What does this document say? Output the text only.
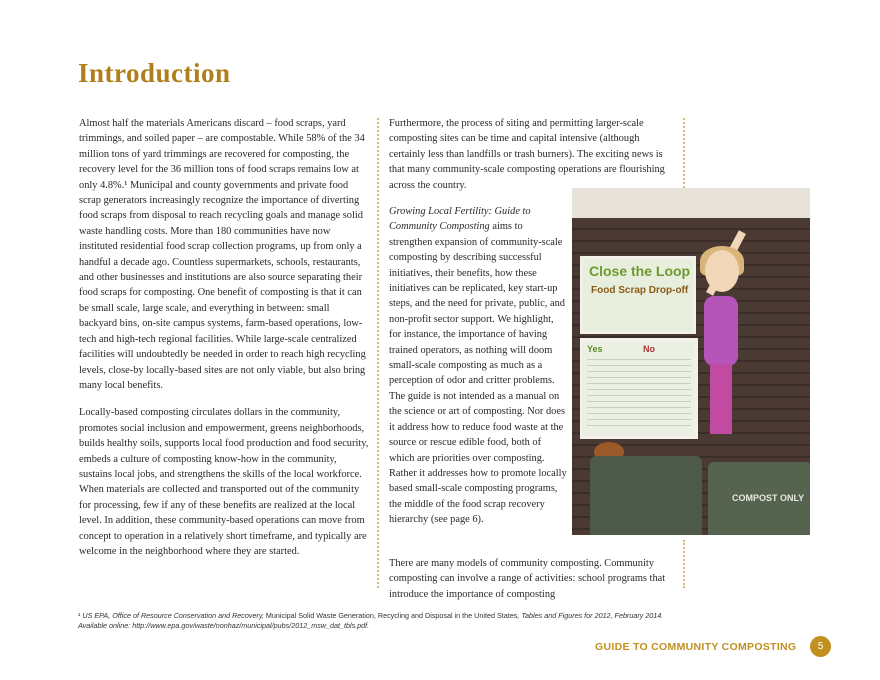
Introduction

Almost half the materials Americans discard – food scraps, yard trimmings, and soiled paper – are compostable. While 58% of the 34 million tons of yard trimmings are recovered for composting, the recovery level for the 36 million tons of food scraps remains low at only 4.8%.¹ Municipal and county governments and private food scrap generators increasingly recognize the importance of diverting food scraps from disposal to reach recycling goals and manage solid waste handling costs. More than 180 communities have now instituted residential food scrap collection programs, up from only a handful a decade ago. Countless supermarkets, schools, restaurants, and other businesses and institutions are also source separating their food scraps for composting. One benefit of composting is that it can be small scale, large scale, and everything in between: small backyard bins, on-site campus systems, farm-based operations, low-tech and high-tech regional facilities. While large-scale centralized facilities will undoubtedly be needed in order to reach high recycling levels, close-by locally-based sites are not only viable, but also bring many local benefits.

Locally-based composting circulates dollars in the community, promotes social inclusion and empowerment, greens neighborhoods, builds healthy soils, supports local food production and food security, embeds a culture of composting know-how in the community, sustains local jobs, and strengthens the skills of the local workforce. When materials are collected and transported out of the community for processing, few if any of these benefits are realized at the local level. In addition, these community-based operations can move from concept to operation in a relatively short timeframe, and typically are welcome in the neighborhood where they are started.

Furthermore, the process of siting and permitting larger-scale composting sites can be time and capital intensive (although certainly less than landfills or trash burners). The exciting news is that many community-scale composting operations are flourishing across the country.

Growing Local Fertility: Guide to Community Composting aims to strengthen expansion of community-scale composting by describing successful initiatives, their benefits, how these initiatives can be replicated, key start-up steps, and the need for private, public, and non-profit sector support. We highlight, for instance, the importance of having trained operators, as nothing will doom small-scale composting as much as a perception of odor and critter problems. The guide is not intended as a manual on the science or art of composting. Nor does it address how to reduce food waste at the source or rescue edible food, both of which are priorities over composting. Rather it addresses how to promote locally based small-scale composting programs, the middle of the food scrap recovery hierarchy (see page 6).

There are many models of community composting. Community composting can involve a range of activities: school programs that introduce the importance of composting

Close the Loop
Food Scrap Drop-off
Yes	No
COMPOST ONLY
¹ US EPA, Office of Resource Conservation and Recovery, Municipal Solid Waste Generation, Recycling and Disposal in the United States, Tables and Figures for 2012, February 2014. Available online: http://www.epa.gov/waste/nonhaz/municipal/pubs/2012_msw_dat_tbls.pdf.
GUIDE TO COMMUNITY COMPOSTING	5
